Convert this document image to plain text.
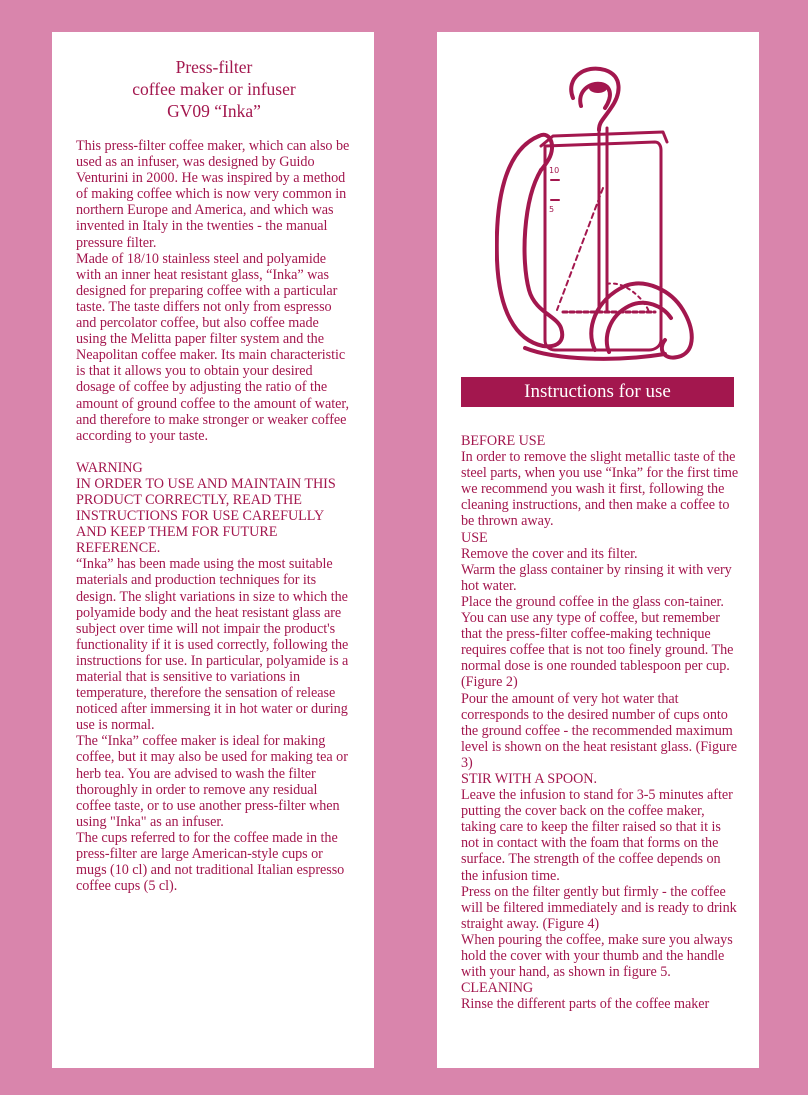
Press-filter
coffee maker or infuser
GV09 “Inka”

This press-filter coffee maker, which can also be used as an infuser, was designed by Guido Venturini in 2000. He was inspired by a method of making coffee which is now very common in northern Europe and America, and which was invented in Italy in the twenties - the manual pressure filter.

Made of 18/10 stainless steel and polyamide with an inner heat resistant glass, “Inka” was designed for preparing coffee with a particular taste. The taste differs not only from espresso and percolator coffee, but also coffee made using the Melitta paper filter system and the Neapolitan coffee maker. Its main characteristic is that it allows you to obtain your desired dosage of coffee by adjusting the ratio of the amount of ground coffee to the amount of water, and therefore to make stronger or weaker coffee according to your taste.

WARNING

IN ORDER TO USE AND MAINTAIN THIS PRODUCT CORRECTLY, READ THE INSTRUCTIONS FOR USE CAREFULLY AND KEEP THEM FOR FUTURE REFERENCE.

“Inka” has been made using the most suitable materials and production techniques for its design. The slight variations in size to which the polyamide body and the heat resistant glass are subject over time will not impair the product's functionality if it is used correctly, following the instructions for use. In particular, polyamide is a material that is sensitive to variations in temperature, therefore the sensation of release noticed after immersing it in hot water or during use is normal.

The “Inka” coffee maker is ideal for making coffee, but it may also be used for making tea or herb tea. You are advised to wash the filter thoroughly in order to remove any residual coffee taste, or to use another press-filter when using "Inka" as an infuser.

The cups referred to for the coffee made in the press-filter are large American-style cups or mugs (10 cl) and not traditional Italian espresso coffee cups (5 cl).

10
5
Instructions for use

BEFORE USE

In order to remove the slight metallic taste of the steel parts, when you use “Inka” for the first time we recommend you wash it first, following the cleaning instructions, and then make a coffee to be thrown away.

USE

Remove the cover and its filter.

Warm the glass container by rinsing it with very hot water.

Place the ground coffee in the glass con-tainer. You can use any type of coffee, but remember that the press-filter coffee-making technique requires coffee that is not too finely ground. The normal dose is one rounded tablespoon per cup. (Figure 2)

Pour the amount of very hot water that corresponds to the desired number of cups onto the ground coffee - the recommended maximum level is shown on the heat resistant glass. (Figure 3)

STIR WITH A SPOON.

Leave the infusion to stand for 3-5 minutes after putting the cover back on the coffee maker, taking care to keep the filter raised so that it is not in contact with the foam that forms on the surface. The strength of the coffee depends on the infusion time.

Press on the filter gently but firmly - the coffee will be filtered immediately and is ready to drink straight away. (Figure 4)

When pouring the coffee, make sure you always hold the cover with your thumb and the handle with your hand, as shown in figure 5.

CLEANING

Rinse the different parts of the coffee maker
